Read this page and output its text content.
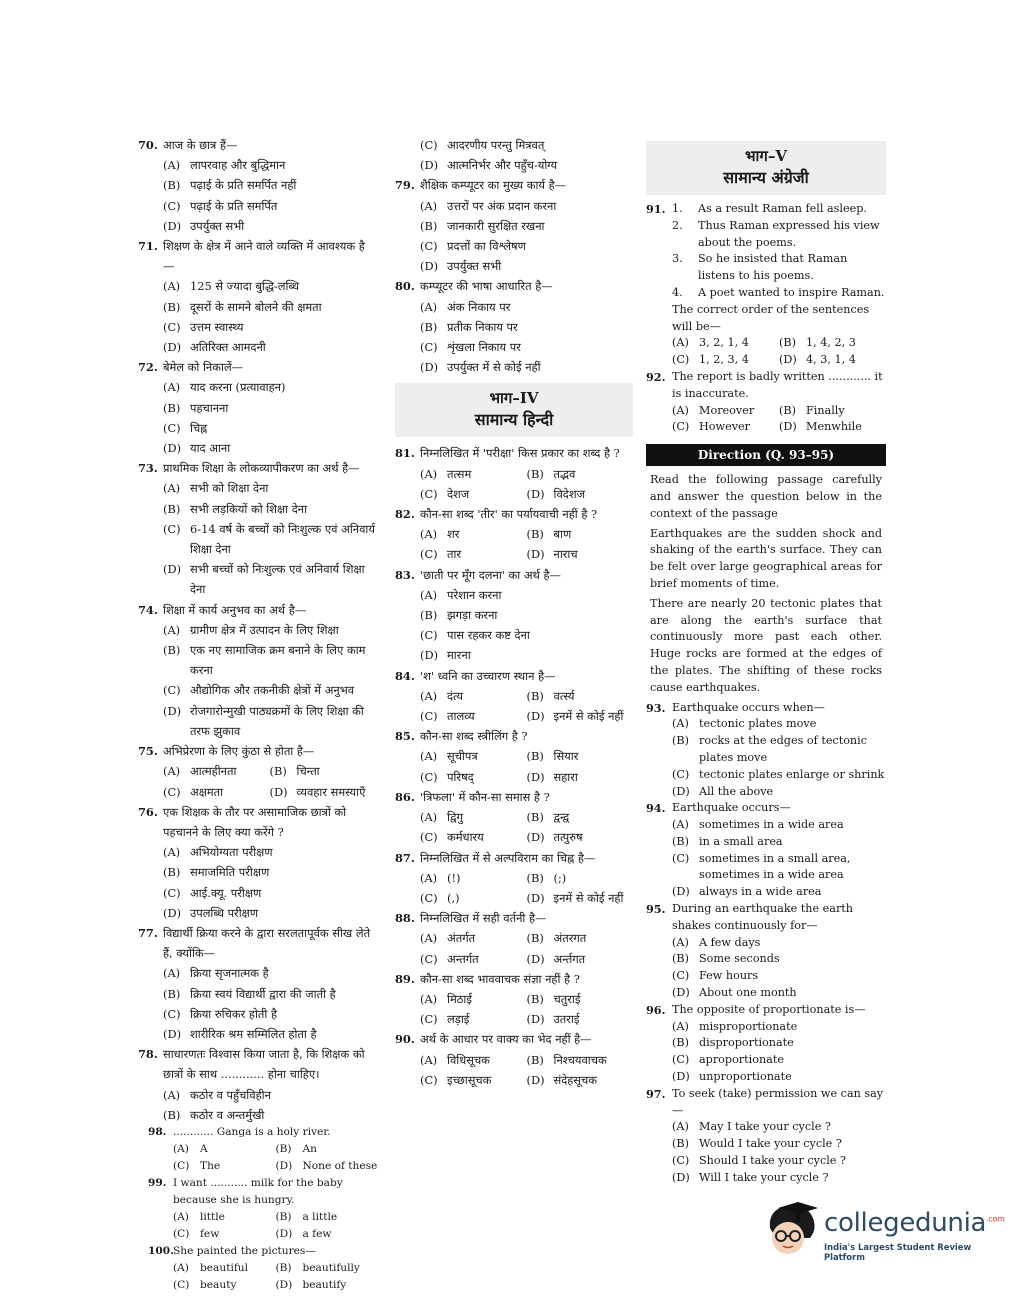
70. आज के छात्र हैं—
(A) लापरवाह और बुद्धिमान
(B) पढ़ाई के प्रति समर्पित नहीं
(C) पढ़ाई के प्रति समर्पित
(D) उपर्युक्त सभी
71. शिक्षण के क्षेत्र में आने वाले व्यक्ति में आवश्यक है—
(A) 125 से ज्यादा बुद्धि-लब्धि
(B) दूसरों के सामने बोलने की क्षमता
(C) उत्तम स्वास्थ्य
(D) अतिरिक्त आमदनी
72. बेमेल को निकालें—
(A) याद करना (प्रत्यावाहन)
(B) पहचानना
(C) चिह्न
(D) याद आना
73. प्राथमिक शिक्षा के लोकव्यापीकरण का अर्थ है—
(A) सभी को शिक्षा देना
(B) सभी लड़कियों को शिक्षा देना
(C) 6-14 वर्ष के बच्चों को निःशुल्क एवं अनिवार्य शिक्षा देना
(D) सभी बच्चों को निःशुल्क एवं अनिवार्य शिक्षा देना
74. शिक्षा में कार्य अनुभव का अर्थ है—
(A) ग्रामीण क्षेत्र में उत्पादन के लिए शिक्षा
(B) एक नए सामाजिक क्रम बनाने के लिए काम करना
(C) औद्योगिक और तकनीकी क्षेत्रों में अनुभव
(D) रोजगारोन्मुखी पाठ्यक्रमों के लिए शिक्षा की तरफ झुकाव
75. अभिप्रेरणा के लिए कुंठा से होता है—
(A) आत्महीनता	(B) चिन्ता
(C) अक्षमता	(D) व्यवहार समस्याएँ
76. एक शिक्षक के तौर पर असामाजिक छात्रों को पहचानने के लिए क्या करेंगे ?
(A) अभियोग्यता परीक्षण
(B) समाजमिति परीक्षण
(C) आई.क्यू. परीक्षण
(D) उपलब्धि परीक्षण
77. विद्यार्थी क्रिया करने के द्वारा सरलतापूर्वक सीख लेते हैं, क्योंकि—
(A) क्रिया सृजनात्मक है
(B) क्रिया स्वयं विद्यार्थी द्वारा की जाती है
(C) क्रिया रुचिकर होती है
(D) शारीरिक श्रम सम्मिलित होता है
78. साधारणतः विश्वास किया जाता है, कि शिक्षक को छात्रों के साथ ............ होना चाहिए।
(A) कठोर व पहुँचविहीन
(B) कठोर व अन्तर्मुखी
(C) आदरणीय परन्तु मित्रवत्
(D) आत्मनिर्भर और पहुँच-योग्य
79. शैक्षिक कम्प्यूटर का मुख्य कार्य है—
(A) उत्तरों पर अंक प्रदान करना
(B) जानकारी सुरक्षित रखना
(C) प्रदत्तों का विश्लेषण
(D) उपर्युक्त सभी
80. कम्प्यूटर की भाषा आधारित है—
(A) अंक निकाय पर
(B) प्रतीक निकाय पर
(C) शृंखला निकाय पर
(D) उपर्युक्त में से कोई नहीं
भाग–IV
सामान्य हिन्दी
81. निम्नलिखित में 'परीक्षा' किस प्रकार का शब्द है ?
(A) तत्सम	(B) तद्भव
(C) देशज	(D) विदेशज
82. कौन-सा शब्द 'तीर' का पर्यायवाची नहीं है ?
(A) शर	(B) बाण
(C) तार	(D) नाराच
83. 'छाती पर मूँग दलना' का अर्थ है—
(A) परेशान करना
(B) झगड़ा करना
(C) पास रहकर कष्ट देना
(D) मारना
84. 'श' ध्वनि का उच्चारण स्थान है—
(A) दंत्य	(B) वर्त्स्य
(C) तालव्य	(D) इनमें से कोई नहीं
85. कौन-सा शब्द स्त्रीलिंग है ?
(A) सूचीपत्र	(B) सियार
(C) परिषद्	(D) सहारा
86. 'त्रिफला' में कौन-सा समास है ?
(A) द्विगु	(B) द्वन्द्व
(C) कर्मधारय	(D) तत्पुरुष
87. निम्नलिखित में से अल्पविराम का चिह्न है—
(A) (!)	(B) (;)
(C) (,)	(D) इनमें से कोई नहीं
88. निम्नलिखित में सही वर्तनी है—
(A) अंतर्गत	(B) अंतरगत
(C) अन्तर्गत	(D) अर्न्तगत
89. कौन-सा शब्द भाववाचक संज्ञा नहीं है ?
(A) मिठाई	(B) चतुराई
(C) लड़ाई	(D) उतराई
90. अर्थ के आधार पर वाक्य का भेद नहीं है—
(A) विधिसूचक	(B) निश्चयवाचक
(C) इच्छासूचक	(D) संदेहसूचक
भाग–V
सामान्य अंग्रेजी
91. 1. As a result Raman fell asleep.
2. Thus Raman expressed his view about the poems.
3. So he insisted that Raman listens to his poems.
4. A poet wanted to inspire Raman.
The correct order of the sentences will be—
(A) 3, 2, 1, 4	(B) 1, 4, 2, 3
(C) 1, 2, 3, 4	(D) 4, 3, 1, 4
92. The report is badly written ............ it is inaccurate.
(A) Moreover	(B) Finally
(C) However	(D) Menwhile
Direction (Q. 93–95)

Read the following passage carefully and answer the question below in the context of the passage

Earthquakes are the sudden shock and shaking of the earth's surface. They can be felt over large geographical areas for brief moments of time.

There are nearly 20 tectonic plates that are along the earth's surface that continuously more past each other. Huge rocks are formed at the edges of the plates. The shifting of these rocks cause earthquakes.

93. Earthquake occurs when—
(A) tectonic plates move
(B) rocks at the edges of tectonic plates move
(C) tectonic plates enlarge or shrink
(D) All the above
94. Earthquake occurs—
(A) sometimes in a wide area
(B) in a small area
(C) sometimes in a small area, sometimes in a wide area
(D) always in a wide area
95. During an earthquake the earth shakes continuously for—
(A) A few days
(B) Some seconds
(C) Few hours
(D) About one month
96. The opposite of proportionate is—
(A) misproportionate
(B) disproportionate
(C) aproportionate
(D) unproportionate
97. To seek (take) permission we can say—
(A) May I take your cycle ?
(B) Would I take your cycle ?
(C) Should I take your cycle ?
(D) Will I take your cycle ?
98. ............ Ganga is a holy river.
(A) A	(B) An
(C) The	(D) None of these
99. I want ........... milk for the baby because she is hungry.
(A) little	(B) a little
(C) few	(D) a few
100. She painted the pictures—
(A) beautiful	(B) beautifully
(C) beauty	(D) beautify
collegedunia$^{.com}$
India's Largest Student Review Platform
